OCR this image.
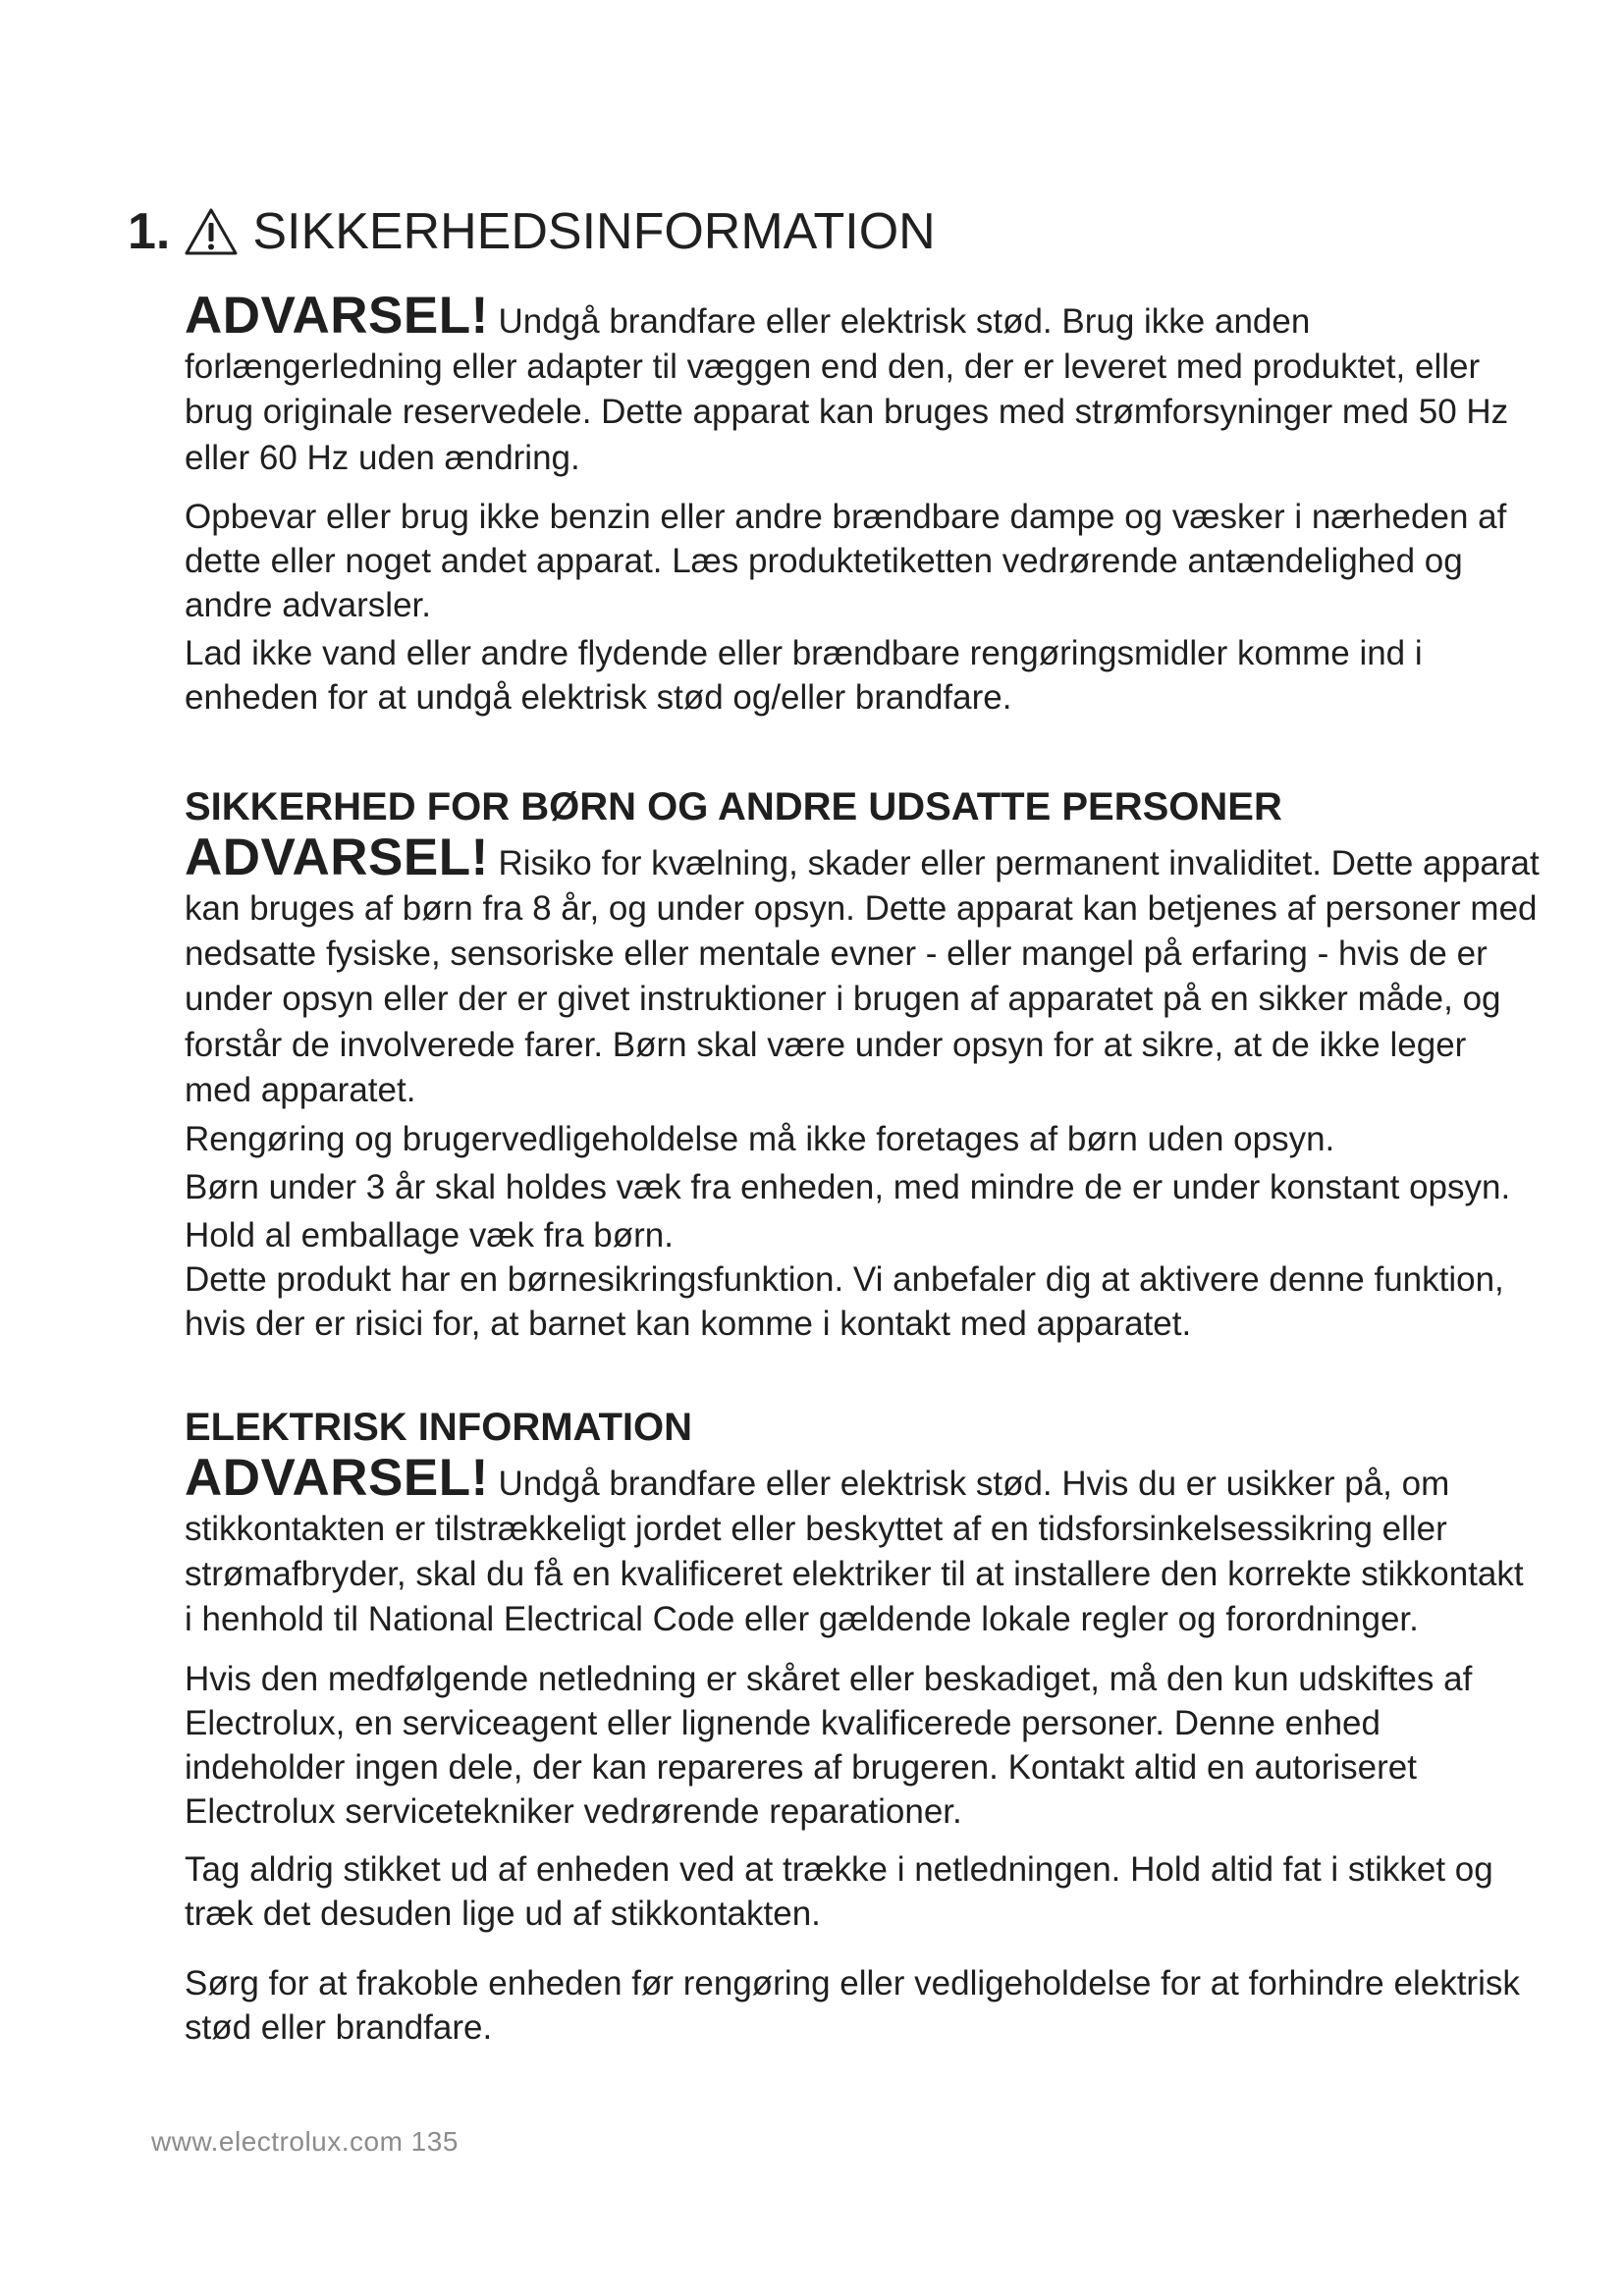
1. SIKKERHEDSINFORMATION

ADVARSEL! Undgå brandfare eller elektrisk stød. Brug ikke anden forlængerledning eller adapter til væggen end den, der er leveret med produktet, eller brug originale reservedele. Dette apparat kan bruges med strømforsyninger med 50 Hz eller 60 Hz uden ændring.

Opbevar eller brug ikke benzin eller andre brændbare dampe og væsker i nærheden af dette eller noget andet apparat. Læs produktetiketten vedrørende antændelighed og andre advarsler.

Lad ikke vand eller andre flydende eller brændbare rengøringsmidler komme ind i enheden for at undgå elektrisk stød og/eller brandfare.

SIKKERHED FOR BØRN OG ANDRE UDSATTE PERSONER

ADVARSEL! Risiko for kvælning, skader eller permanent invaliditet. Dette apparat kan bruges af børn fra 8 år, og under opsyn. Dette apparat kan betjenes af personer med nedsatte fysiske, sensoriske eller mentale evner - eller mangel på erfaring - hvis de er under opsyn eller der er givet instruktioner i brugen af apparatet på en sikker måde, og forstår de involverede farer. Børn skal være under opsyn for at sikre, at de ikke leger med apparatet.

Rengøring og brugervedligeholdelse må ikke foretages af børn uden opsyn.

Børn under 3 år skal holdes væk fra enheden, med mindre de er under konstant opsyn.

Hold al emballage væk fra børn.

Dette produkt har en børnesikringsfunktion. Vi anbefaler dig at aktivere denne funktion, hvis der er risici for, at barnet kan komme i kontakt med apparatet.

ELEKTRISK INFORMATION

ADVARSEL! Undgå brandfare eller elektrisk stød. Hvis du er usikker på, om stikkontakten er tilstrækkeligt jordet eller beskyttet af en tidsforsinkelsessikring eller strømafbryder, skal du få en kvalificeret elektriker til at installere den korrekte stikkontakt i henhold til National Electrical Code eller gældende lokale regler og forordninger.

Hvis den medfølgende netledning er skåret eller beskadiget, må den kun udskiftes af Electrolux, en serviceagent eller lignende kvalificerede personer. Denne enhed indeholder ingen dele, der kan repareres af brugeren. Kontakt altid en autoriseret Electrolux servicetekniker vedrørende reparationer.

Tag aldrig stikket ud af enheden ved at trække i netledningen. Hold altid fat i stikket og træk det desuden lige ud af stikkontakten.

Sørg for at frakoble enheden før rengøring eller vedligeholdelse for at forhindre elektrisk stød eller brandfare.

www.electrolux.com 135
